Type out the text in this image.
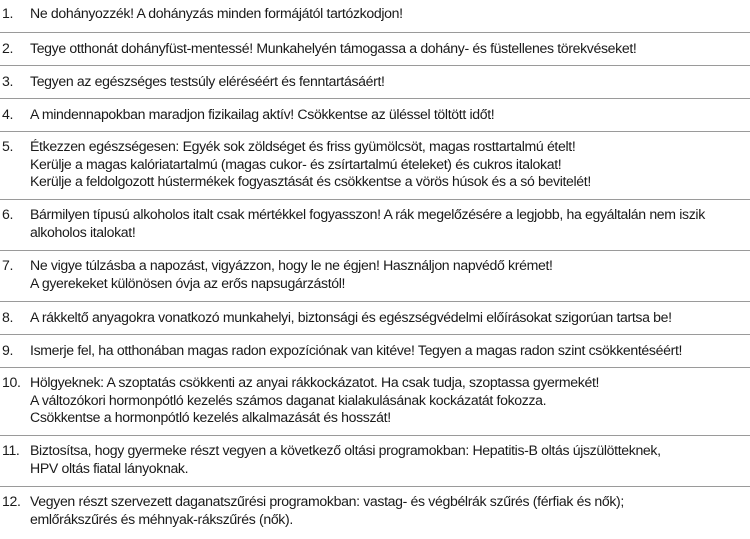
1.	Ne dohányozzék! A dohányzás minden formájától tartózkodjon!
2.	Tegye otthonát dohányfüst-mentessé! Munkahelyén támogassa a dohány- és füstellenes törekvéseket!
3.	Tegyen az egészséges testsúly eléréséért és fenntartásáért!
4.	A mindennapokban maradjon fizikailag aktív! Csökkentse az üléssel töltött időt!
5.	Étkezzen egészségesen: Egyék sok zöldséget és friss gyümölcsöt, magas rosttartalmú ételt!
Kerülje a magas kalóriatartalmú (magas cukor- és zsírtartalmú ételeket) és cukros italokat!
Kerülje a feldolgozott hústermékek fogyasztását és csökkentse a vörös húsok és a só bevitelét!
6.	Bármilyen típusú alkoholos italt csak mértékkel fogyasszon! A rák megelőzésére a legjobb, ha egyáltalán nem iszik alkoholos italokat!
7.	Ne vigye túlzásba a napozást, vigyázzon, hogy le ne égjen! Használjon napvédő krémet!
A gyerekeket különösen óvja az erős napsugárzástól!
8.	A rákkeltő anyagokra vonatkozó munkahelyi, biztonsági és egészségvédelmi előírásokat szigorúan tartsa be!
9.	Ismerje fel, ha otthonában magas radon expozíciónak van kitéve! Tegyen a magas radon szint csökkentéséért!
10. Hölgyeknek: A szoptatás csökkenti az anyai rákkockázatot. Ha csak tudja, szoptassa gyermekét!
A változókori hormonpótló kezelés számos daganat kialakulásának kockázatát fokozza.
Csökkentse a hormonpótló kezelés alkalmazását és hosszát!
11. Biztosítsa, hogy gyermeke részt vegyen a következő oltási programokban: Hepatitis-B oltás újszülötteknek,
HPV oltás fiatal lányoknak.
12. Vegyen részt szervezett daganatszűrési programokban: vastag- és végbélrák szűrés (férfiak és nők);
emlőrákszűrés és méhnyak-rákszűrés (nők).
